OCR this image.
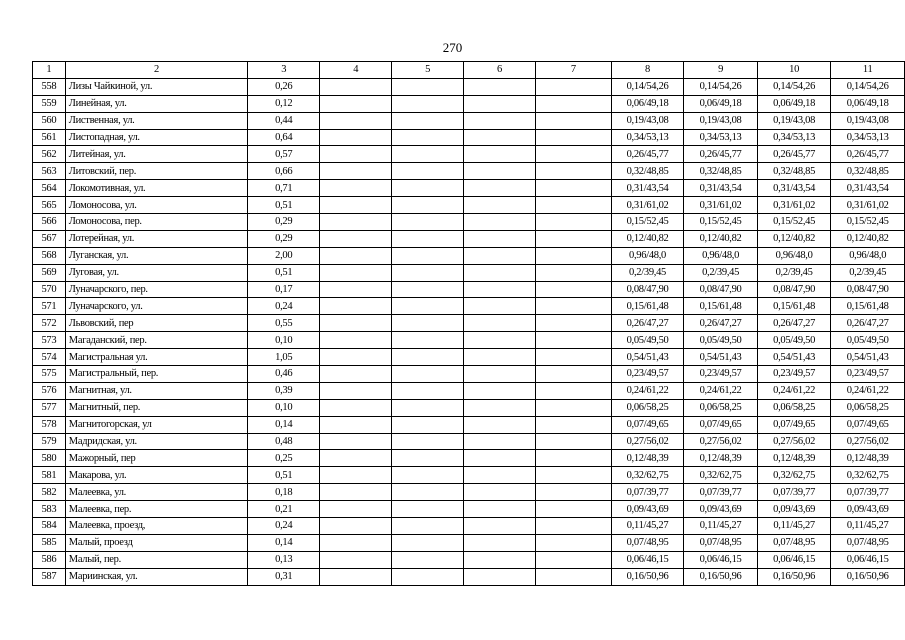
270
1	2	3	4	5	6	7	8	9	10	11
558	Лизы Чайкиной, ул.	0,26					0,14/54,26	0,14/54,26	0,14/54,26	0,14/54,26
559	Линейная, ул.	0,12					0,06/49,18	0,06/49,18	0,06/49,18	0,06/49,18
560	Лиственная, ул.	0,44					0,19/43,08	0,19/43,08	0,19/43,08	0,19/43,08
561	Листопадная, ул.	0,64					0,34/53,13	0,34/53,13	0,34/53,13	0,34/53,13
562	Литейная, ул.	0,57					0,26/45,77	0,26/45,77	0,26/45,77	0,26/45,77
563	Литовский, пер.	0,66					0,32/48,85	0,32/48,85	0,32/48,85	0,32/48,85
564	Локомотивная, ул.	0,71					0,31/43,54	0,31/43,54	0,31/43,54	0,31/43,54
565	Ломоносова, ул.	0,51					0,31/61,02	0,31/61,02	0,31/61,02	0,31/61,02
566	Ломоносова, пер.	0,29					0,15/52,45	0,15/52,45	0,15/52,45	0,15/52,45
567	Лотерейная, ул.	0,29					0,12/40,82	0,12/40,82	0,12/40,82	0,12/40,82
568	Луганская, ул.	2,00					0,96/48,0	0,96/48,0	0,96/48,0	0,96/48,0
569	Луговая, ул.	0,51					0,2/39,45	0,2/39,45	0,2/39,45	0,2/39,45
570	Луначарского, пер.	0,17					0,08/47,90	0,08/47,90	0,08/47,90	0,08/47,90
571	Луначарского, ул.	0,24					0,15/61,48	0,15/61,48	0,15/61,48	0,15/61,48
572	Львовский, пер	0,55					0,26/47,27	0,26/47,27	0,26/47,27	0,26/47,27
573	Магаданский, пер.	0,10					0,05/49,50	0,05/49,50	0,05/49,50	0,05/49,50
574	Магистральная ул.	1,05					0,54/51,43	0,54/51,43	0,54/51,43	0,54/51,43
575	Магистральный, пер.	0,46					0,23/49,57	0,23/49,57	0,23/49,57	0,23/49,57
576	Магнитная, ул.	0,39					0,24/61,22	0,24/61,22	0,24/61,22	0,24/61,22
577	Магнитный, пер.	0,10					0,06/58,25	0,06/58,25	0,06/58,25	0,06/58,25
578	Магнитогорская, ул	0,14					0,07/49,65	0,07/49,65	0,07/49,65	0,07/49,65
579	Мадридская, ул.	0,48					0,27/56,02	0,27/56,02	0,27/56,02	0,27/56,02
580	Мажорный, пер	0,25					0,12/48,39	0,12/48,39	0,12/48,39	0,12/48,39
581	Макарова, ул.	0,51					0,32/62,75	0,32/62,75	0,32/62,75	0,32/62,75
582	Малеевка, ул.	0,18					0,07/39,77	0,07/39,77	0,07/39,77	0,07/39,77
583	Малеевка, пер.	0,21					0,09/43,69	0,09/43,69	0,09/43,69	0,09/43,69
584	Малеевка, проезд,	0,24					0,11/45,27	0,11/45,27	0,11/45,27	0,11/45,27
585	Малый, проезд	0,14					0,07/48,95	0,07/48,95	0,07/48,95	0,07/48,95
586	Малый, пер.	0,13					0,06/46,15	0,06/46,15	0,06/46,15	0,06/46,15
587	Мариинская, ул.	0,31					0,16/50,96	0,16/50,96	0,16/50,96	0,16/50,96
